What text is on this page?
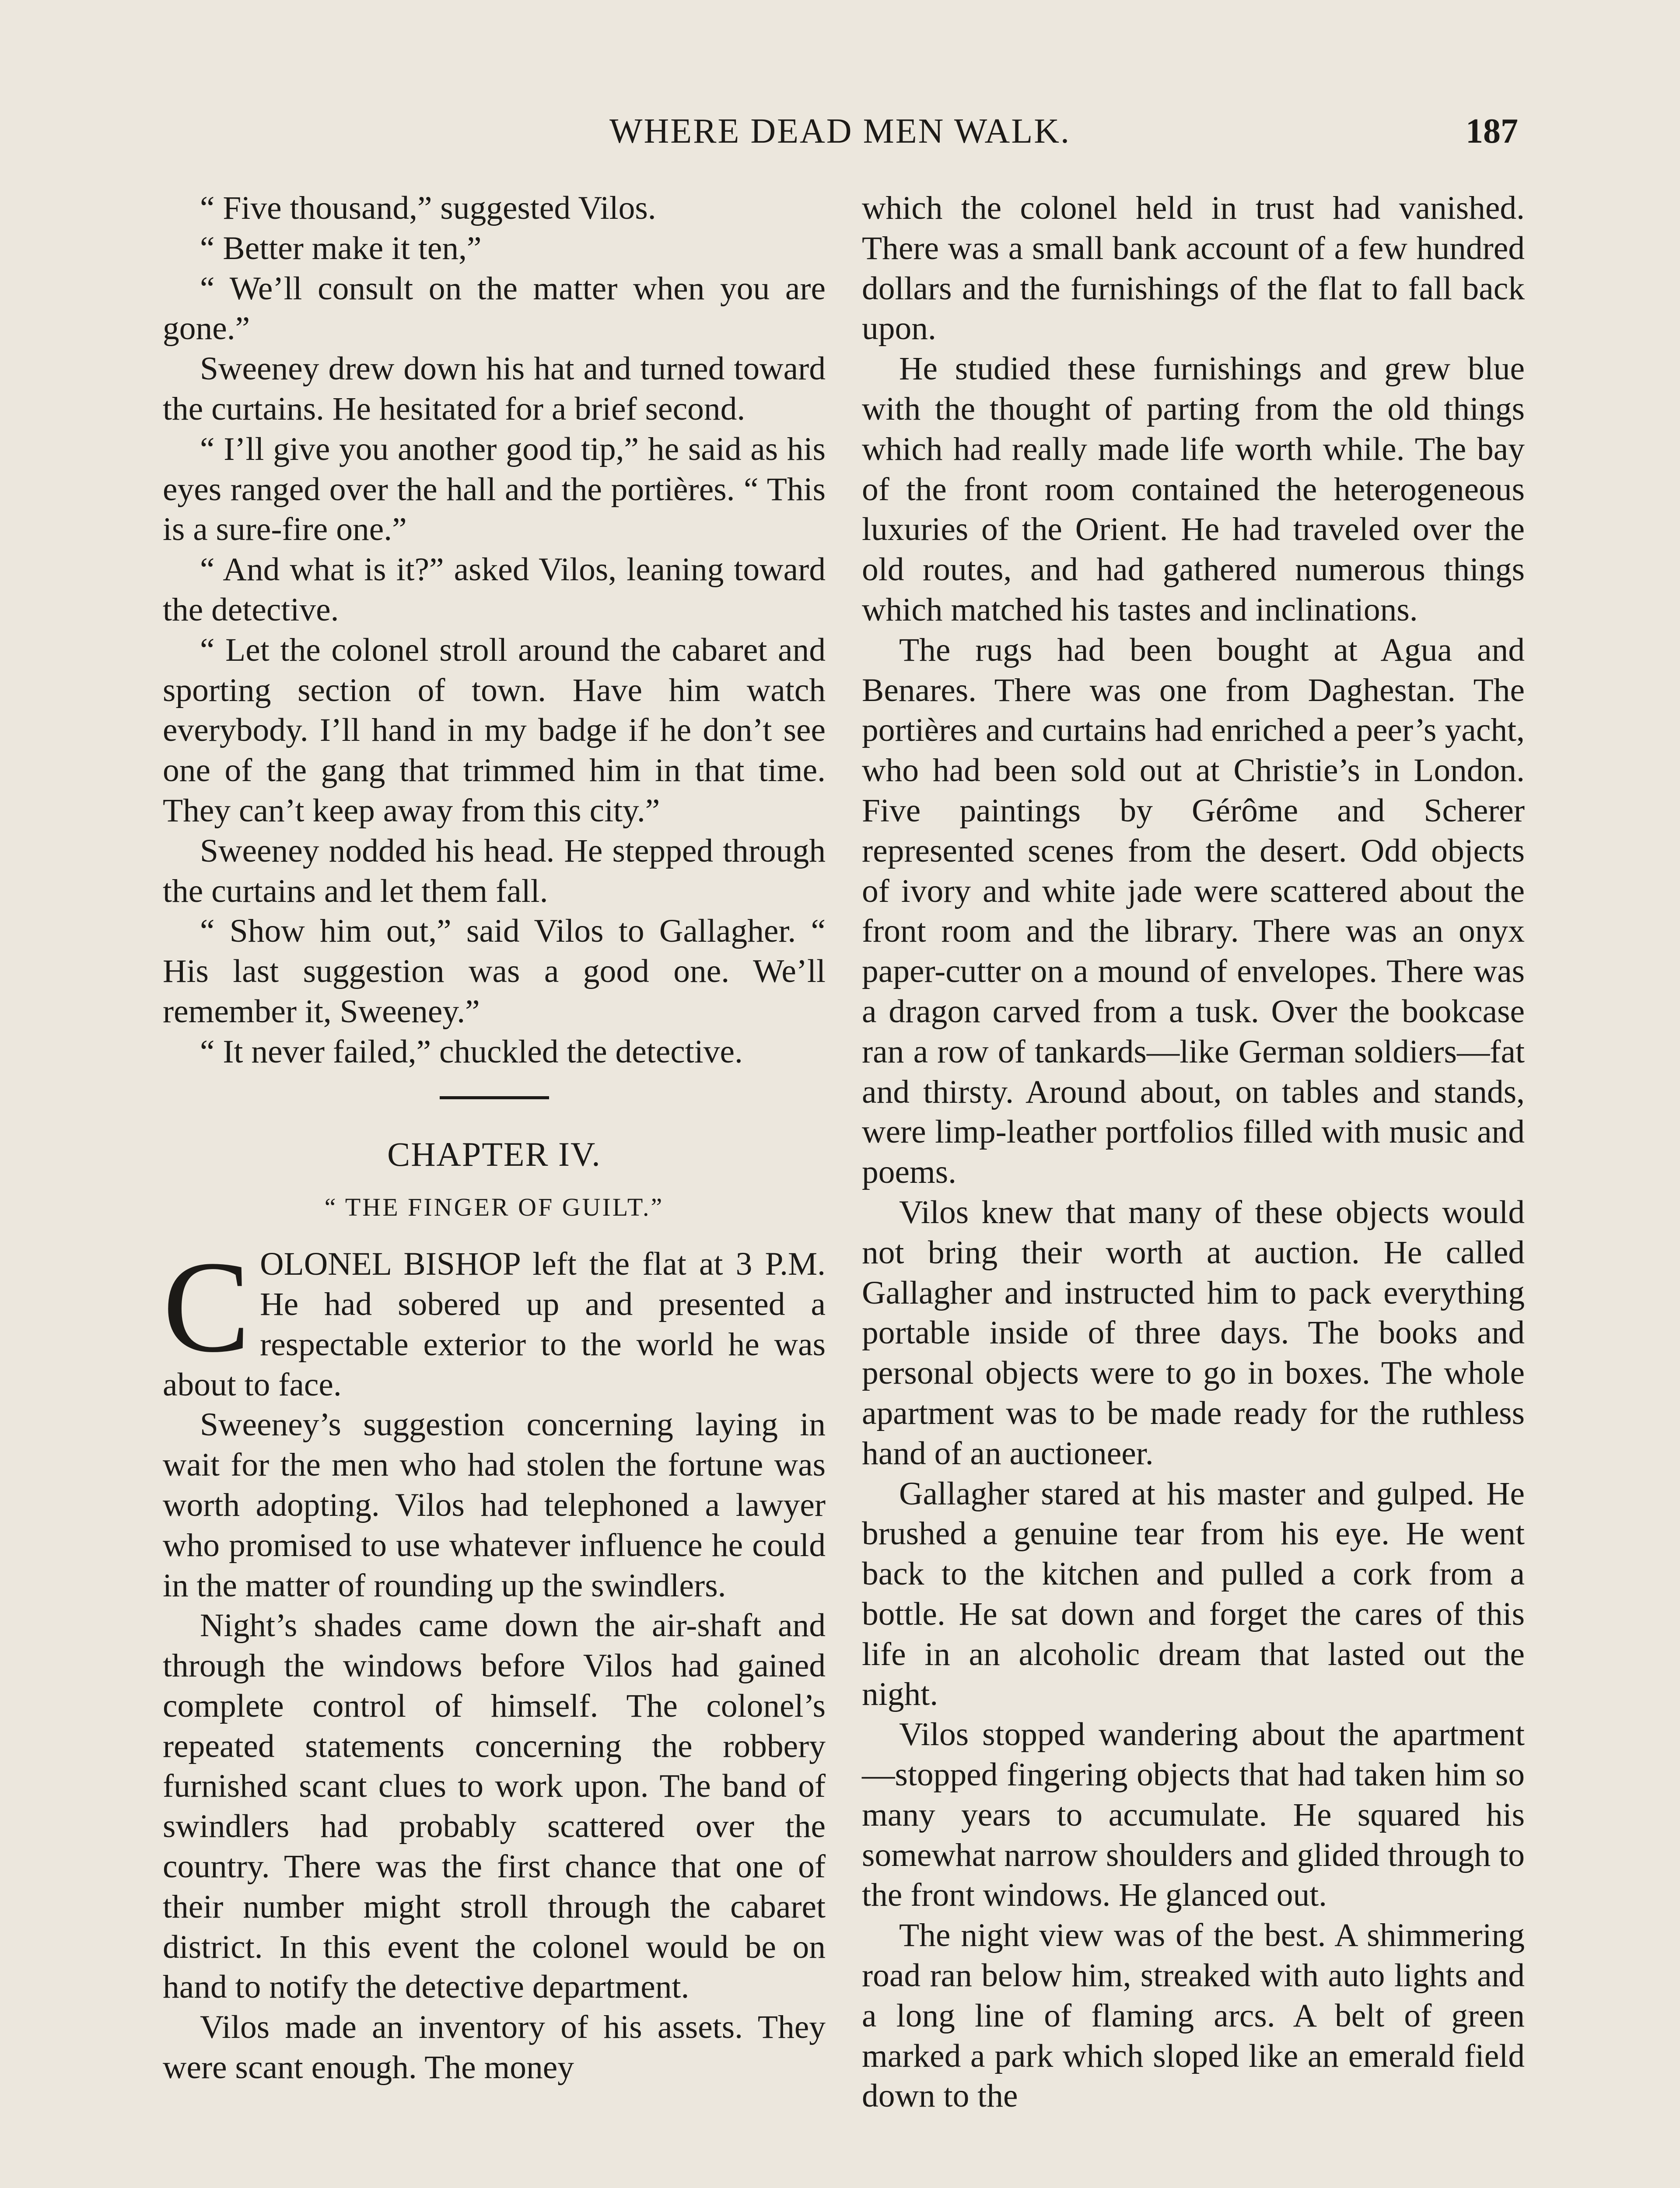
WHERE DEAD MEN WALK.	187

“ Five thousand,” suggested Vilos.

“ Better make it ten,”

“ We’ll consult on the matter when you are gone.”

Sweeney drew down his hat and turned toward the curtains. He hesitated for a brief second.

“ I’ll give you another good tip,” he said as his eyes ranged over the hall and the portières. “ This is a sure-fire one.”

“ And what is it?” asked Vilos, leaning toward the detective.

“ Let the colonel stroll around the cabaret and sporting section of town. Have him watch everybody. I’ll hand in my badge if he don’t see one of the gang that trimmed him in that time. They can’t keep away from this city.”

Sweeney nodded his head. He stepped through the curtains and let them fall.

“ Show him out,” said Vilos to Gallagher. “ His last suggestion was a good one. We’ll remember it, Sweeney.”

“ It never failed,” chuckled the detective.

CHAPTER IV.
“ THE FINGER OF GUILT.”

C OLONEL BISHOP left the flat at 3 P.M. He had sobered up and presented a respectable exterior to the world he was about to face.

Sweeney’s suggestion concerning laying in wait for the men who had stolen the fortune was worth adopting. Vilos had telephoned a lawyer who promised to use whatever influence he could in the matter of rounding up the swindlers.

Night’s shades came down the air-shaft and through the windows before Vilos had gained complete control of himself. The colonel’s repeated statements concerning the robbery furnished scant clues to work upon. The band of swindlers had probably scattered over the country. There was the first chance that one of their number might stroll through the cabaret district. In this event the colonel would be on hand to notify the detective department.

Vilos made an inventory of his assets. They were scant enough. The money

which the colonel held in trust had vanished. There was a small bank account of a few hundred dollars and the furnishings of the flat to fall back upon.

He studied these furnishings and grew blue with the thought of parting from the old things which had really made life worth while. The bay of the front room contained the heterogeneous luxuries of the Orient. He had traveled over the old routes, and had gathered numerous things which matched his tastes and inclinations.

The rugs had been bought at Agua and Benares. There was one from Daghestan. The portières and curtains had enriched a peer’s yacht, who had been sold out at Christie’s in London. Five paintings by Gérôme and Scherer represented scenes from the desert. Odd objects of ivory and white jade were scattered about the front room and the library. There was an onyx paper-cutter on a mound of envelopes. There was a dragon carved from a tusk. Over the bookcase ran a row of tankards—like German soldiers—fat and thirsty. Around about, on tables and stands, were limp-leather portfolios filled with music and poems.

Vilos knew that many of these objects would not bring their worth at auction. He called Gallagher and instructed him to pack everything portable inside of three days. The books and personal objects were to go in boxes. The whole apartment was to be made ready for the ruthless hand of an auctioneer.

Gallagher stared at his master and gulped. He brushed a genuine tear from his eye. He went back to the kitchen and pulled a cork from a bottle. He sat down and forget the cares of this life in an alcoholic dream that lasted out the night.

Vilos stopped wandering about the apartment—stopped fingering objects that had taken him so many years to accumulate. He squared his somewhat narrow shoulders and glided through to the front windows. He glanced out.

The night view was of the best. A shimmering road ran below him, streaked with auto lights and a long line of flaming arcs. A belt of green marked a park which sloped like an emerald field down to the
